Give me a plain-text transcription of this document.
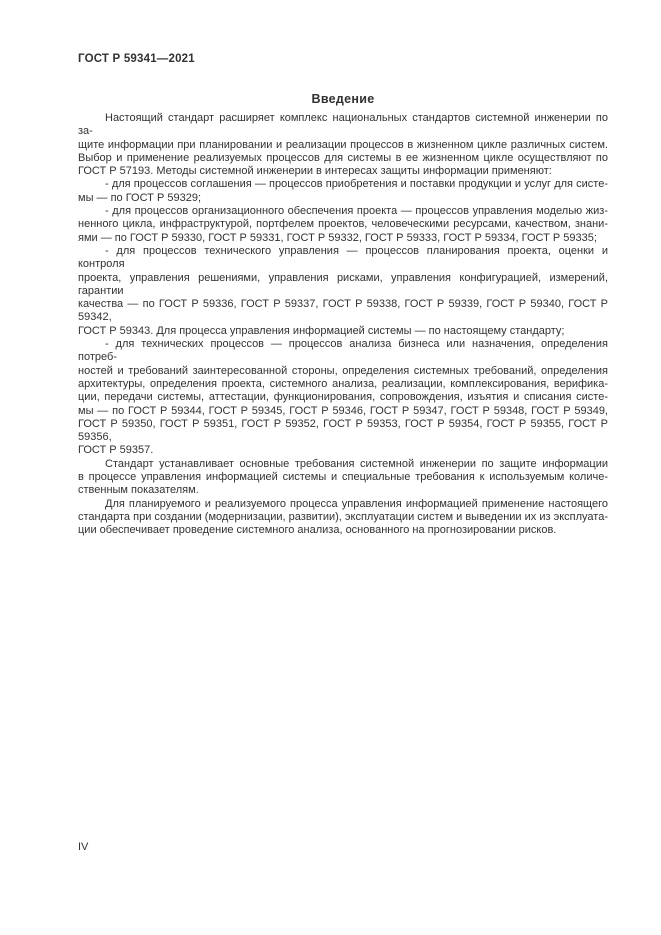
ГОСТ Р 59341—2021
Введение
Настоящий стандарт расширяет комплекс национальных стандартов системной инженерии по за-
щите информации при планировании и реализации процессов в жизненном цикле различных систем.
Выбор и применение реализуемых процессов для системы в ее жизненном цикле осуществляют по
ГОСТ Р 57193. Методы системной инженерии в интересах защиты информации применяют:
- для процессов соглашения — процессов приобретения и поставки продукции и услуг для систе-
мы — по ГОСТ Р 59329;
- для процессов организационного обеспечения проекта — процессов управления моделью жиз-
ненного цикла, инфраструктурой, портфелем проектов, человеческими ресурсами, качеством, знани-
ями — по ГОСТ Р 59330, ГОСТ Р 59331, ГОСТ Р 59332, ГОСТ Р 59333, ГОСТ Р 59334, ГОСТ Р 59335;
- для процессов технического управления — процессов планирования проекта, оценки и контроля
проекта, управления решениями, управления рисками, управления конфигурацией, измерений, гарантии
качества — по ГОСТ Р 59336, ГОСТ Р 59337, ГОСТ Р 59338, ГОСТ Р 59339, ГОСТ Р 59340, ГОСТ Р 59342,
ГОСТ Р 59343. Для процесса управления информацией системы — по настоящему стандарту;
- для технических процессов — процессов анализа бизнеса или назначения, определения потреб-
ностей и требований заинтересованной стороны, определения системных требований, определения
архитектуры, определения проекта, системного анализа, реализации, комплексирования, верифика-
ции, передачи системы, аттестации, функционирования, сопровождения, изъятия и списания систе-
мы — по ГОСТ Р 59344, ГОСТ Р 59345, ГОСТ Р 59346, ГОСТ Р 59347, ГОСТ Р 59348, ГОСТ Р 59349,
ГОСТ Р 59350, ГОСТ Р 59351, ГОСТ Р 59352, ГОСТ Р 59353, ГОСТ Р 59354, ГОСТ Р 59355, ГОСТ Р 59356,
ГОСТ Р 59357.
Стандарт устанавливает основные требования системной инженерии по защите информации
в процессе управления информацией системы и специальные требования к используемым количе-
ственным показателям.
Для планируемого и реализуемого процесса управления информацией применение настоящего
стандарта при создании (модернизации, развитии), эксплуатации систем и выведении их из эксплуата-
ции обеспечивает проведение системного анализа, основанного на прогнозировании рисков.
IV
